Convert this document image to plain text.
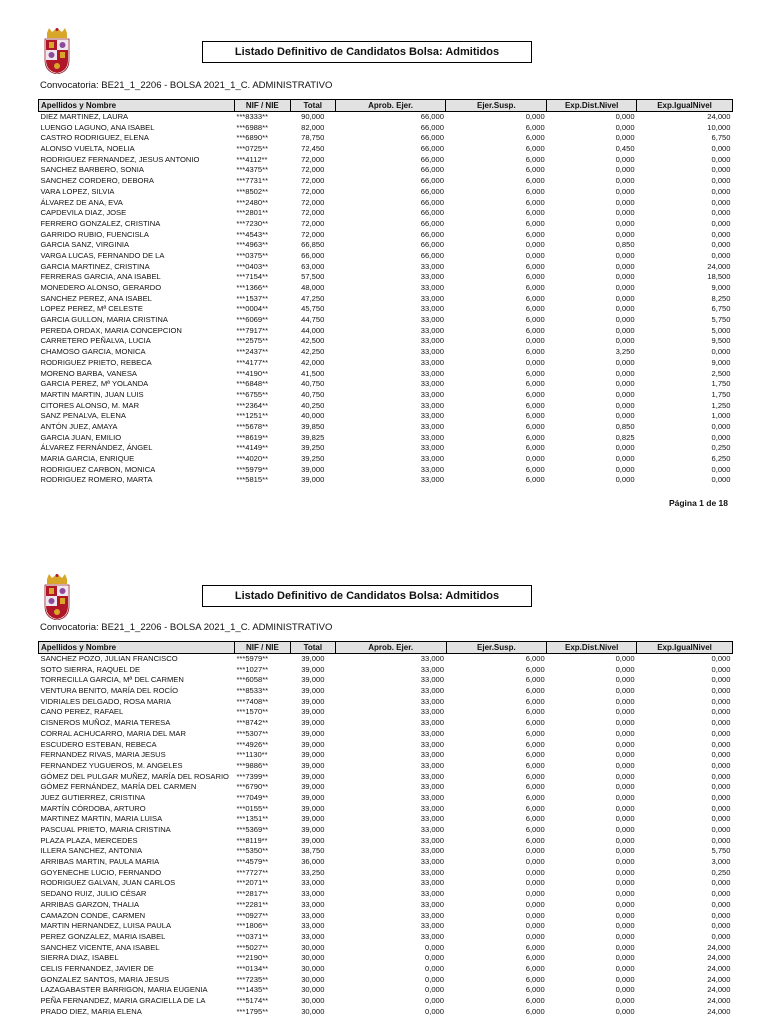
Listado Definitivo de Candidatos Bolsa: Admitidos
Convocatoria: BE21_1_2206 - BOLSA 2021_1_C. ADMINISTRATIVO
Apellidos y Nombre	NIF / NIE	Total	Aprob. Ejer.	Ejer.Susp.	Exp.Dist.Nivel	Exp.IgualNivel
DIEZ MARTINEZ, LAURA	***8333**	90,000	66,000	0,000	0,000	24,000
LUENGO LAGUNO, ANA ISABEL	***6988**	82,000	66,000	6,000	0,000	10,000
CASTRO RODRIGUEZ, ELENA	***6890**	78,750	66,000	6,000	0,000	6,750
ALONSO VUELTA, NOELIA	***0725**	72,450	66,000	6,000	0,450	0,000
RODRIGUEZ FERNANDEZ, JESUS ANTONIO	***4112**	72,000	66,000	6,000	0,000	0,000
SANCHEZ BARBERO, SONIA	***4375**	72,000	66,000	6,000	0,000	0,000
SANCHEZ CORDERO, DEBORA	***7731**	72,000	66,000	6,000	0,000	0,000
VARA LOPEZ, SILVIA	***8502**	72,000	66,000	6,000	0,000	0,000
ÁLVAREZ DE ANA, EVA	***2480**	72,000	66,000	6,000	0,000	0,000
CAPDEVILA DIAZ, JOSE	***2801**	72,000	66,000	6,000	0,000	0,000
FERRERO GONZALEZ, CRISTINA	***7230**	72,000	66,000	6,000	0,000	0,000
GARRIDO RUBIO, FUENCISLA	***4543**	72,000	66,000	6,000	0,000	0,000
GARCIA SANZ, VIRGINIA	***4963**	66,850	66,000	0,000	0,850	0,000
VARGA LUCAS, FERNANDO DE LA	***0375**	66,000	66,000	0,000	0,000	0,000
GARCIA MARTINEZ, CRISTINA	***0403**	63,000	33,000	6,000	0,000	24,000
FERRERAS GARCIA, ANA ISABEL	***7154**	57,500	33,000	6,000	0,000	18,500
MONEDERO ALONSO, GERARDO	***1366**	48,000	33,000	6,000	0,000	9,000
SANCHEZ PEREZ, ANA ISABEL	***1537**	47,250	33,000	6,000	0,000	8,250
LOPEZ PEREZ, Mª CELESTE	***0004**	45,750	33,000	6,000	0,000	6,750
GARCIA GULLON, MARIA CRISTINA	***6069**	44,750	33,000	6,000	0,000	5,750
PEREDA ORDAX, MARIA CONCEPCION	***7917**	44,000	33,000	6,000	0,000	5,000
CARRETERO PEÑALVA, LUCIA	***2575**	42,500	33,000	0,000	0,000	9,500
CHAMOSO GARCIA, MONICA	***2437**	42,250	33,000	6,000	3,250	0,000
RODRIGUEZ PRIETO, REBECA	***4177**	42,000	33,000	0,000	0,000	9,000
MORENO BARBA, VANESA	***4190**	41,500	33,000	6,000	0,000	2,500
GARCIA PEREZ, Mª YOLANDA	***6848**	40,750	33,000	6,000	0,000	1,750
MARTIN MARTIN, JUAN LUIS	***6755**	40,750	33,000	6,000	0,000	1,750
CITORES ALONSO, M. MAR	***2364**	40,250	33,000	6,000	0,000	1,250
SANZ PENALVA, ELENA	***1251**	40,000	33,000	6,000	0,000	1,000
ANTÓN JUEZ, AMAYA	***5678**	39,850	33,000	6,000	0,850	0,000
GARCIA JUAN, EMILIO	***8619**	39,825	33,000	6,000	0,825	0,000
ÁLVAREZ FERNÁNDEZ, ÁNGEL	***4149**	39,250	33,000	6,000	0,000	0,250
MARIA GARCIA, ENRIQUE	***4020**	39,250	33,000	0,000	0,000	6,250
RODRIGUEZ CARBON, MONICA	***5979**	39,000	33,000	6,000	0,000	0,000
RODRIGUEZ ROMERO, MARTA	***5815**	39,000	33,000	6,000	0,000	0,000
Página 1 de 18
Listado Definitivo de Candidatos Bolsa: Admitidos
Convocatoria: BE21_1_2206 - BOLSA 2021_1_C. ADMINISTRATIVO
Apellidos y Nombre	NIF / NIE	Total	Aprob. Ejer.	Ejer.Susp.	Exp.Dist.Nivel	Exp.IgualNivel
SANCHEZ POZO, JULIAN FRANCISCO	***5979**	39,000	33,000	6,000	0,000	0,000
SOTO SIERRA, RAQUEL DE	***1027**	39,000	33,000	6,000	0,000	0,000
TORRECILLA GARCIA, Mª DEL CARMEN	***6058**	39,000	33,000	6,000	0,000	0,000
VENTURA BENITO, MARÍA DEL ROCÍO	***8533**	39,000	33,000	6,000	0,000	0,000
VIDRIALES DELGADO, ROSA MARIA	***7408**	39,000	33,000	6,000	0,000	0,000
CANO PEREZ, RAFAEL	***1570**	39,000	33,000	6,000	0,000	0,000
CISNEROS MUÑOZ, MARIA TERESA	***8742**	39,000	33,000	6,000	0,000	0,000
CORRAL ACHUCARRO, MARIA DEL MAR	***5307**	39,000	33,000	6,000	0,000	0,000
ESCUDERO ESTEBAN, REBECA	***4926**	39,000	33,000	6,000	0,000	0,000
FERNANDEZ RIVAS, MARIA JESUS	***1130**	39,000	33,000	6,000	0,000	0,000
FERNANDEZ YUGUEROS, M. ANGELES	***9886**	39,000	33,000	6,000	0,000	0,000
GÓMEZ DEL PULGAR MUÑEZ, MARÍA DEL ROSARIO	***7399**	39,000	33,000	6,000	0,000	0,000
GÓMEZ FERNÁNDEZ, MARÍA DEL CARMEN	***6790**	39,000	33,000	6,000	0,000	0,000
JUEZ GUTIERREZ, CRISTINA	***7049**	39,000	33,000	6,000	0,000	0,000
MARTÍN CÓRDOBA, ARTURO	***0155**	39,000	33,000	6,000	0,000	0,000
MARTINEZ MARTIN, MARIA LUISA	***1351**	39,000	33,000	6,000	0,000	0,000
PASCUAL PRIETO, MARIA CRISTINA	***5369**	39,000	33,000	6,000	0,000	0,000
PLAZA PLAZA, MERCEDES	***8119**	39,000	33,000	6,000	0,000	0,000
ILLERA SANCHEZ, ANTONIA	***5350**	38,750	33,000	0,000	0,000	5,750
ARRIBAS MARTIN, PAULA MARIA	***4579**	36,000	33,000	0,000	0,000	3,000
GOYENECHE LUCIO, FERNANDO	***7727**	33,250	33,000	0,000	0,000	0,250
RODRIGUEZ GALVAN, JUAN CARLOS	***2071**	33,000	33,000	0,000	0,000	0,000
SEDANO RUIZ, JULIO CÉSAR	***2817**	33,000	33,000	0,000	0,000	0,000
ARRIBAS GARZON, THALIA	***2281**	33,000	33,000	0,000	0,000	0,000
CAMAZON CONDE, CARMEN	***0927**	33,000	33,000	0,000	0,000	0,000
MARTIN HERNANDEZ, LUISA PAULA	***1806**	33,000	33,000	0,000	0,000	0,000
PEREZ GONZALEZ, MARIA ISABEL	***0371**	33,000	33,000	0,000	0,000	0,000
SANCHEZ VICENTE, ANA ISABEL	***5027**	30,000	0,000	6,000	0,000	24,000
SIERRA DIAZ, ISABEL	***2190**	30,000	0,000	6,000	0,000	24,000
CELIS FERNANDEZ, JAVIER DE	***0134**	30,000	0,000	6,000	0,000	24,000
GONZALEZ SANTOS, MARIA JESUS	***7235**	30,000	0,000	6,000	0,000	24,000
LAZAGABASTER BARRIGON, MARIA EUGENIA	***1435**	30,000	0,000	6,000	0,000	24,000
PEÑA FERNANDEZ, MARIA GRACIELLA DE LA	***5174**	30,000	0,000	6,000	0,000	24,000
PRADO DIEZ, MARIA ELENA	***1795**	30,000	0,000	6,000	0,000	24,000
